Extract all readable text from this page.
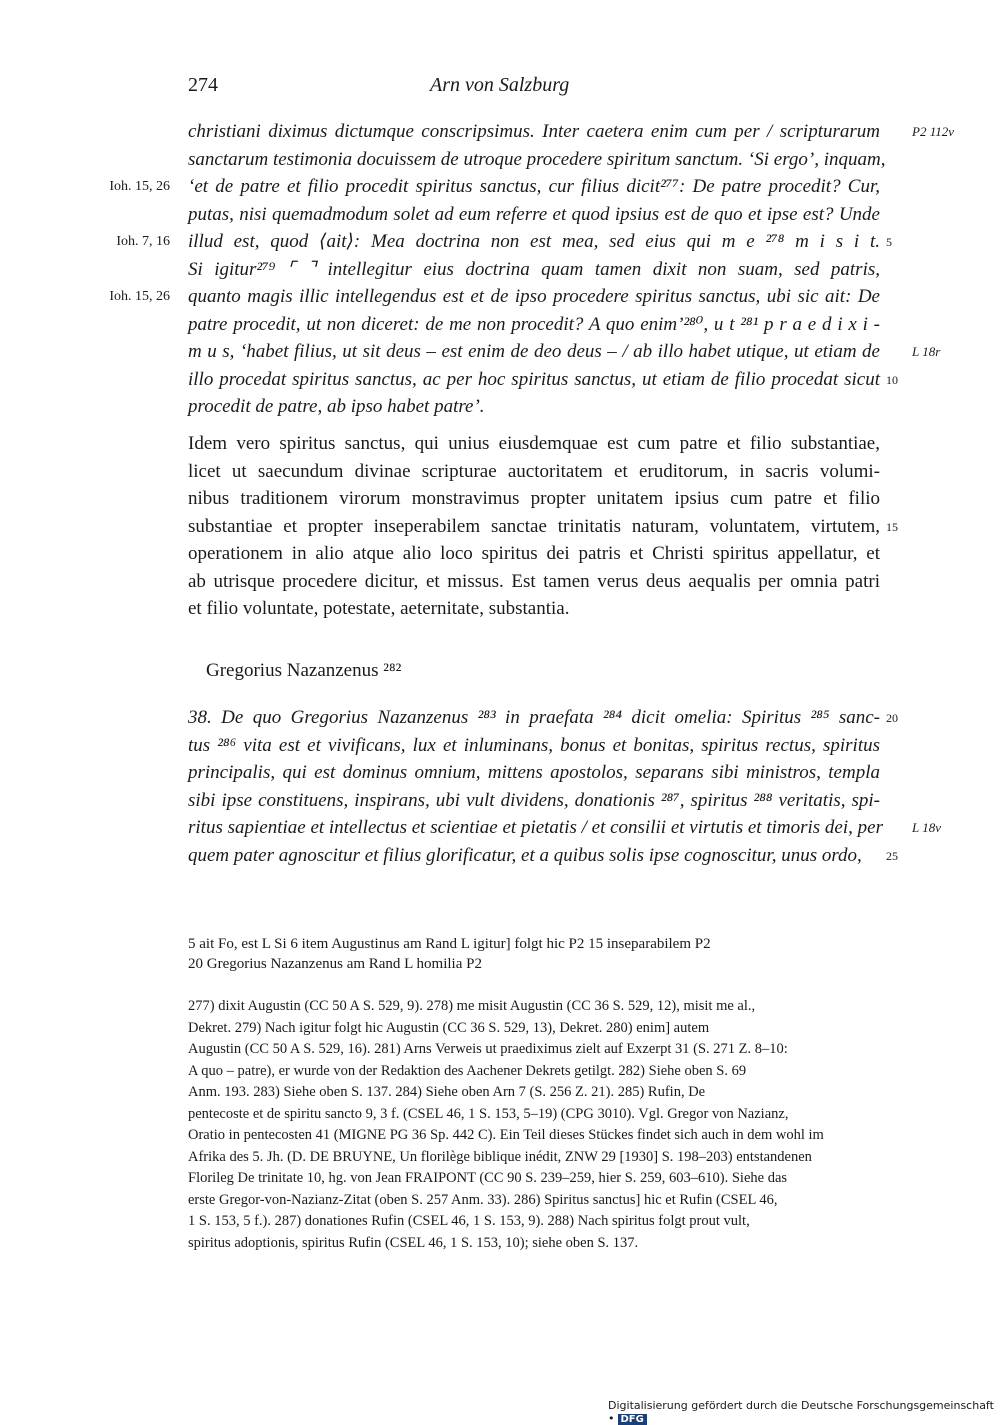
274	Arn von Salzburg
Gregorius Nazanzenus ²⁸²
Digitalisierung gefördert durch die Deutsche Forschungsgemeinschaft • DFG
christiani diximus dictumque conscripsimus. Inter caetera enim cum per / scripturarum P2 112v
sanctarum testimonia docuissem de utroque procedere spiritum sanctum. ‘Si ergo’, inquam,
‘et de patre et filio procedit spiritus sanctus, cur filius dicit²⁷⁷: De patre procedit? Cur,
Ioh. 15, 26
putas, nisi quemadmodum solet ad eum referre et quod ipsius est de quo et ipse est? Unde
illud est, quod ⟨ait⟩: Mea doctrina non est mea, sed eius qui m e ²⁷⁸ m i s i t.
Ioh. 7, 16	5
Si igitur²⁷⁹ ⌜ ⌝ intellegitur eius doctrina quam tamen dixit non suam, sed patris,
quanto magis illic intellegendus est et de ipso procedere spiritus sanctus, ubi sic ait: De
Ioh. 15, 26
patre procedit, ut non diceret: de me non procedit? A quo enim’²⁸⁰, u t ²⁸¹ p r a e d i x i -
m u s, ‘habet filius, ut sit deus – est enim de deo deus – / ab illo habet utique, ut etiam de L 18r
illo procedat spiritus sanctus, ac per hoc spiritus sanctus, ut etiam de filio procedat sicut 10
procedit de patre, ab ipso habet patre’.
Idem vero spiritus sanctus, qui unius eiusdemquae est cum patre et filio substantiae,
licet ut saecundum divinae scripturae auctoritatem et eruditorum, in sacris volumi-
nibus traditionem virorum monstravimus propter unitatem ipsius cum patre et filio
substantiae et propter inseperabilem sanctae trinitatis naturam, voluntatem, virtutem, 15
operationem in alio atque alio loco spiritus dei patris et Christi spiritus appellatur, et
ab utrisque procedere dicitur, et missus. Est tamen verus deus aequalis per omnia patri
et filio voluntate, potestate, aeternitate, substantia.
38. De quo Gregorius Nazanzenus ²⁸³ in praefata ²⁸⁴ dicit omelia: Spiritus ²⁸⁵ sanc- 20
tus ²⁸⁶ vita est et vivificans, lux et inluminans, bonus et bonitas, spiritus rectus, spiritus
principalis, qui est dominus omnium, mittens apostolos, separans sibi ministros, templa
sibi ipse constituens, inspirans, ubi vult dividens, donationis ²⁸⁷, spiritus ²⁸⁸ veritatis, spi-
ritus sapientiae et intellectus et scientiae et pietatis / et consilii et virtutis et timoris dei, per L 18v
quem pater agnoscitur et filius glorificatur, et a quibus solis ipse cognoscitur, unus ordo,	25
5 ait Fo, est L Si 6 item Augustinus am Rand L igitur] folgt hic P2 15 inseparabilem P2
20 Gregorius Nazanzenus am Rand L homilia P2
277) dixit Augustin (CC 50 A S. 529, 9). 278) me misit Augustin (CC 36 S. 529, 12), misit me al.,
Dekret. 279) Nach igitur folgt hic Augustin (CC 36 S. 529, 13), Dekret. 280) enim] autem
Augustin (CC 50 A S. 529, 16). 281) Arns Verweis ut praediximus zielt auf Exzerpt 31 (S. 271 Z. 8–10:
A quo – patre), er wurde von der Redaktion des Aachener Dekrets getilgt. 282) Siehe oben S. 69
Anm. 193. 283) Siehe oben S. 137. 284) Siehe oben Arn 7 (S. 256 Z. 21). 285) Rufin, De
pentecoste et de spiritu sancto 9, 3 f. (CSEL 46, 1 S. 153, 5–19) (CPG 3010). Vgl. Gregor von Nazianz,
Oratio in pentecosten 41 (MIGNE PG 36 Sp. 442 C). Ein Teil dieses Stückes findet sich auch in dem wohl im
Afrika des 5. Jh. (D. DE BRUYNE, Un florilège biblique inédit, ZNW 29 [1930] S. 198–203) entstandenen
Florileg De trinitate 10, hg. von Jean FRAIPONT (CC 90 S. 239–259, hier S. 259, 603–610). Siehe das
erste Gregor-von-Nazianz-Zitat (oben S. 257 Anm. 33). 286) Spiritus sanctus] hic et Rufin (CSEL 46,
1 S. 153, 5 f.). 287) donationes Rufin (CSEL 46, 1 S. 153, 9). 288) Nach spiritus folgt prout vult,
spiritus adoptionis, spiritus Rufin (CSEL 46, 1 S. 153, 10); siehe oben S. 137.
